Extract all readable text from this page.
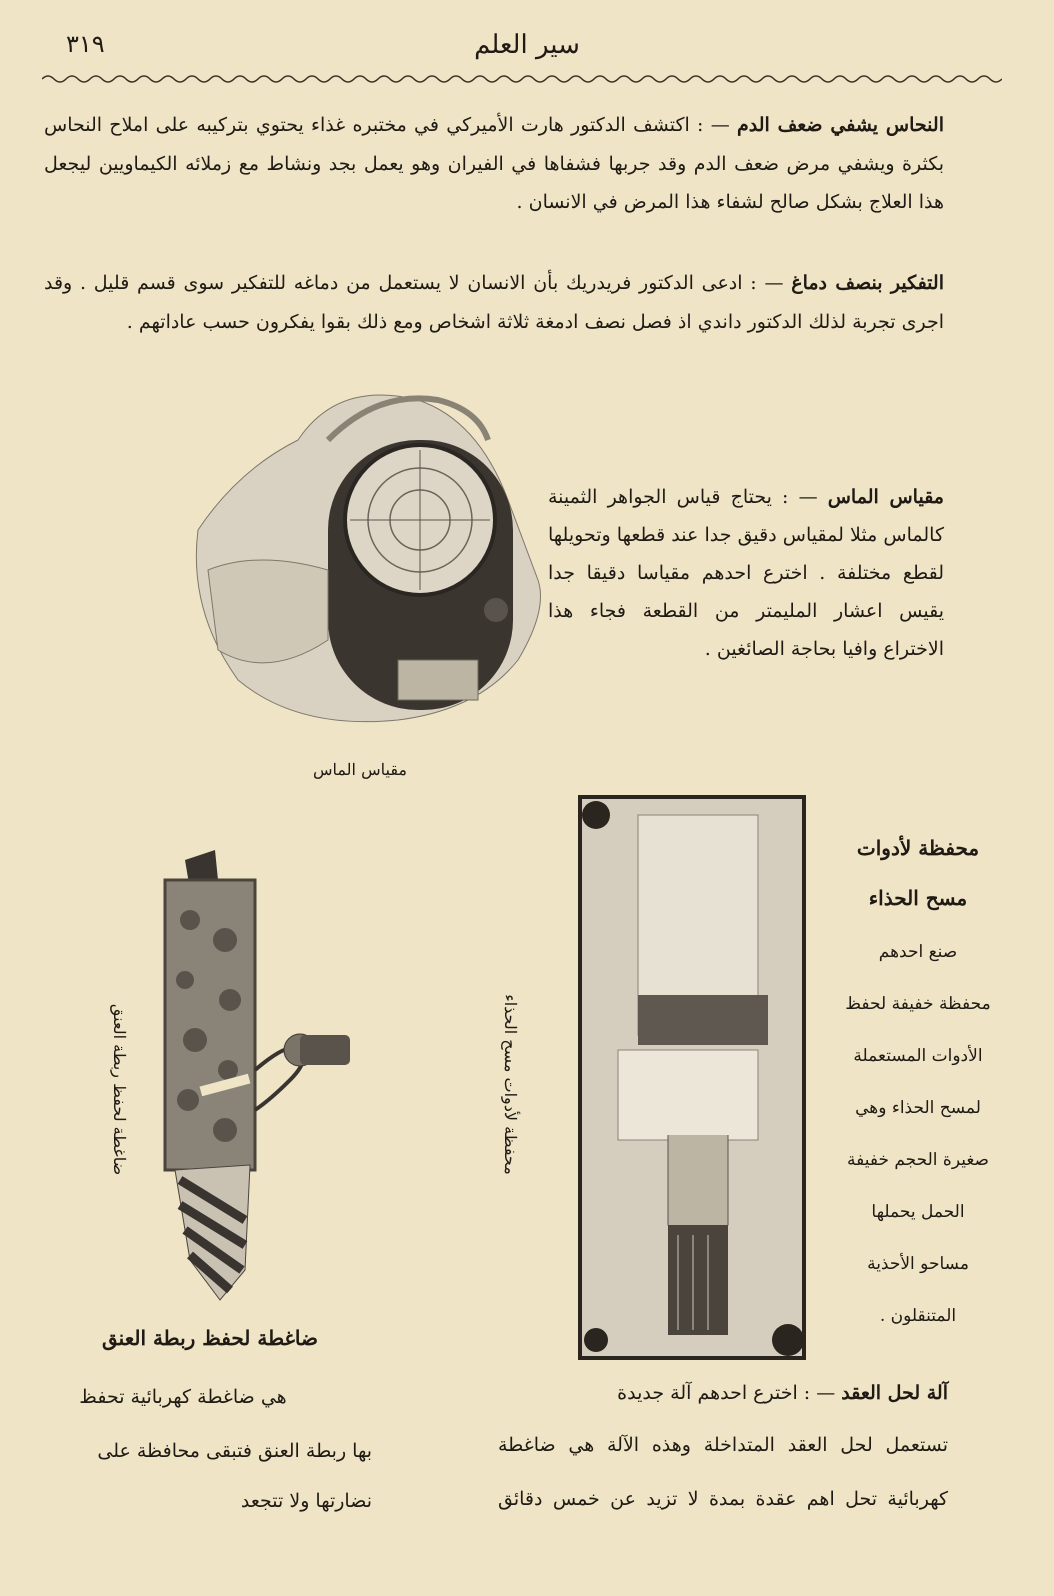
٣١٩	سير العلم
النحاس يشفي ضعف الدم — : اكتشف الدكتور هارت الأميركي في مختبره غذاء يحتوي بتركيبه على املاح النحاس بكثرة ويشفي مرض ضعف الدم وقد جربها فشفاها في الفيران وهو يعمل بجد ونشاط مع زملائه الكيماويين ليجعل هذا العلاج بشكل صالح لشفاء هذا المرض في الانسان .
التفكير بنصف دماغ — : ادعى الدكتور فريدريك بأن الانسان لا يستعمل من دماغه للتفكير سوى قسم قليل . وقد اجرى تجربة لذلك الدكتور داندي اذ فصل نصف ادمغة ثلاثة اشخاص ومع ذلك بقوا يفكرون حسب عاداتهم .
مقياس الماس
مقياس الماس — : يحتاج قياس الجواهر الثمينة كالماس مثلا لمقياس دقيق جدا عند قطعها وتحويلها لقطع مختلفة . اخترع احدهم مقياسا دقيقا جدا يقيس اعشار المليمتر من القطعة فجاء هذا الاختراع وافيا بحاجة الصائغين .
ضاغطة لحفظ ربطة العنق	محفظة لأدوات مسح الحذاء
محفظة لأدوات
مسح الحذاء
صنع احدهم
محفظة خفيفة لحفظ
الأدوات المستعملة
لمسح الحذاء وهي
صغيرة الحجم خفيفة
الحمل يحملها
مساحو الأحذية
المتنقلون .
ضاغطة لحفظ ربطة العنق
هي ضاغطة كهربائية تحفظ
بها ربطة العنق فتبقى محافظة على
نضارتها ولا تتجعد
آلة لحل العقد — : اخترع احدهم آلة جديدة
تستعمل لحل العقد المتداخلة وهذه الآلة هي ضاغطة
كهربائية تحل اهم عقدة بمدة لا تزيد عن خمس دقائق
